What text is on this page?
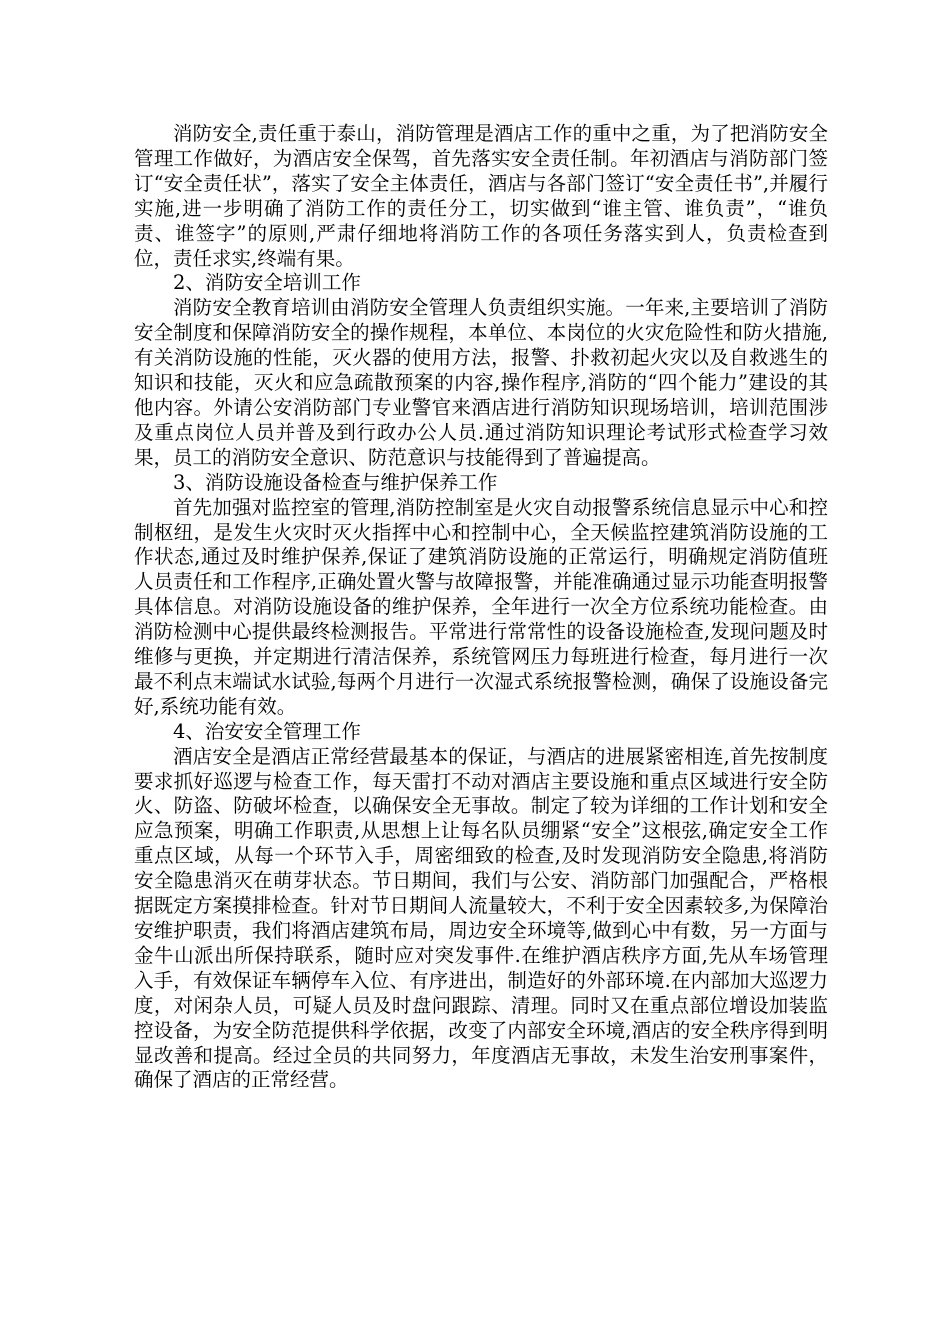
消防安全,责任重于泰山，消防管理是酒店工作的重中之重，为了把消防安全管理工作做好，为酒店安全保驾，首先落实安全责任制。年初酒店与消防部门签订“安全责任状”，落实了安全主体责任，酒店与各部门签订“安全责任书”,并履行实施,进一步明确了消防工作的责任分工，切实做到“谁主管、谁负责”，“谁负责、谁签字”的原则,严肃仔细地将消防工作的各项任务落实到人，负责检查到位，责任求实,终端有果。

2、消防安全培训工作

消防安全教育培训由消防安全管理人负责组织实施。一年来,主要培训了消防安全制度和保障消防安全的操作规程，本单位、本岗位的火灾危险性和防火措施,有关消防设施的性能，灭火器的使用方法，报警、扑救初起火灾以及自救逃生的知识和技能，灭火和应急疏散预案的内容,操作程序,消防的“四个能力”建设的其他内容。外请公安消防部门专业警官来酒店进行消防知识现场培训，培训范围涉及重点岗位人员并普及到行政办公人员.通过消防知识理论考试形式检查学习效果，员工的消防安全意识、防范意识与技能得到了普遍提高。

3、消防设施设备检查与维护保养工作

首先加强对监控室的管理,消防控制室是火灾自动报警系统信息显示中心和控制枢纽，是发生火灾时灭火指挥中心和控制中心，全天候监控建筑消防设施的工作状态,通过及时维护保养,保证了建筑消防设施的正常运行，明确规定消防值班人员责任和工作程序,正确处置火警与故障报警，并能准确通过显示功能查明报警具体信息。对消防设施设备的维护保养，全年进行一次全方位系统功能检查。由消防检测中心提供最终检测报告。平常进行常常性的设备设施检查,发现问题及时维修与更换，并定期进行清洁保养，系统管网压力每班进行检查，每月进行一次最不利点末端试水试验,每两个月进行一次湿式系统报警检测，确保了设施设备完好,系统功能有效。

4、治安安全管理工作

酒店安全是酒店正常经营最基本的保证，与酒店的进展紧密相连,首先按制度要求抓好巡逻与检查工作，每天雷打不动对酒店主要设施和重点区域进行安全防火、防盗、防破坏检查，以确保安全无事故。制定了较为详细的工作计划和安全应急预案，明确工作职责,从思想上让每名队员绷紧“安全”这根弦,确定安全工作重点区域，从每一个环节入手，周密细致的检查,及时发现消防安全隐患,将消防安全隐患消灭在萌芽状态。节日期间，我们与公安、消防部门加强配合，严格根据既定方案摸排检查。针对节日期间人流量较大，不利于安全因素较多,为保障治安维护职责，我们将酒店建筑布局，周边安全环境等,做到心中有数，另一方面与金牛山派出所保持联系，随时应对突发事件.在维护酒店秩序方面,先从车场管理入手，有效保证车辆停车入位、有序进出，制造好的外部环境.在内部加大巡逻力度，对闲杂人员，可疑人员及时盘问跟踪、清理。同时又在重点部位增设加装监控设备，为安全防范提供科学依据，改变了内部安全环境,酒店的安全秩序得到明显改善和提高。经过全员的共同努力，年度酒店无事故，未发生治安刑事案件，确保了酒店的正常经营。
